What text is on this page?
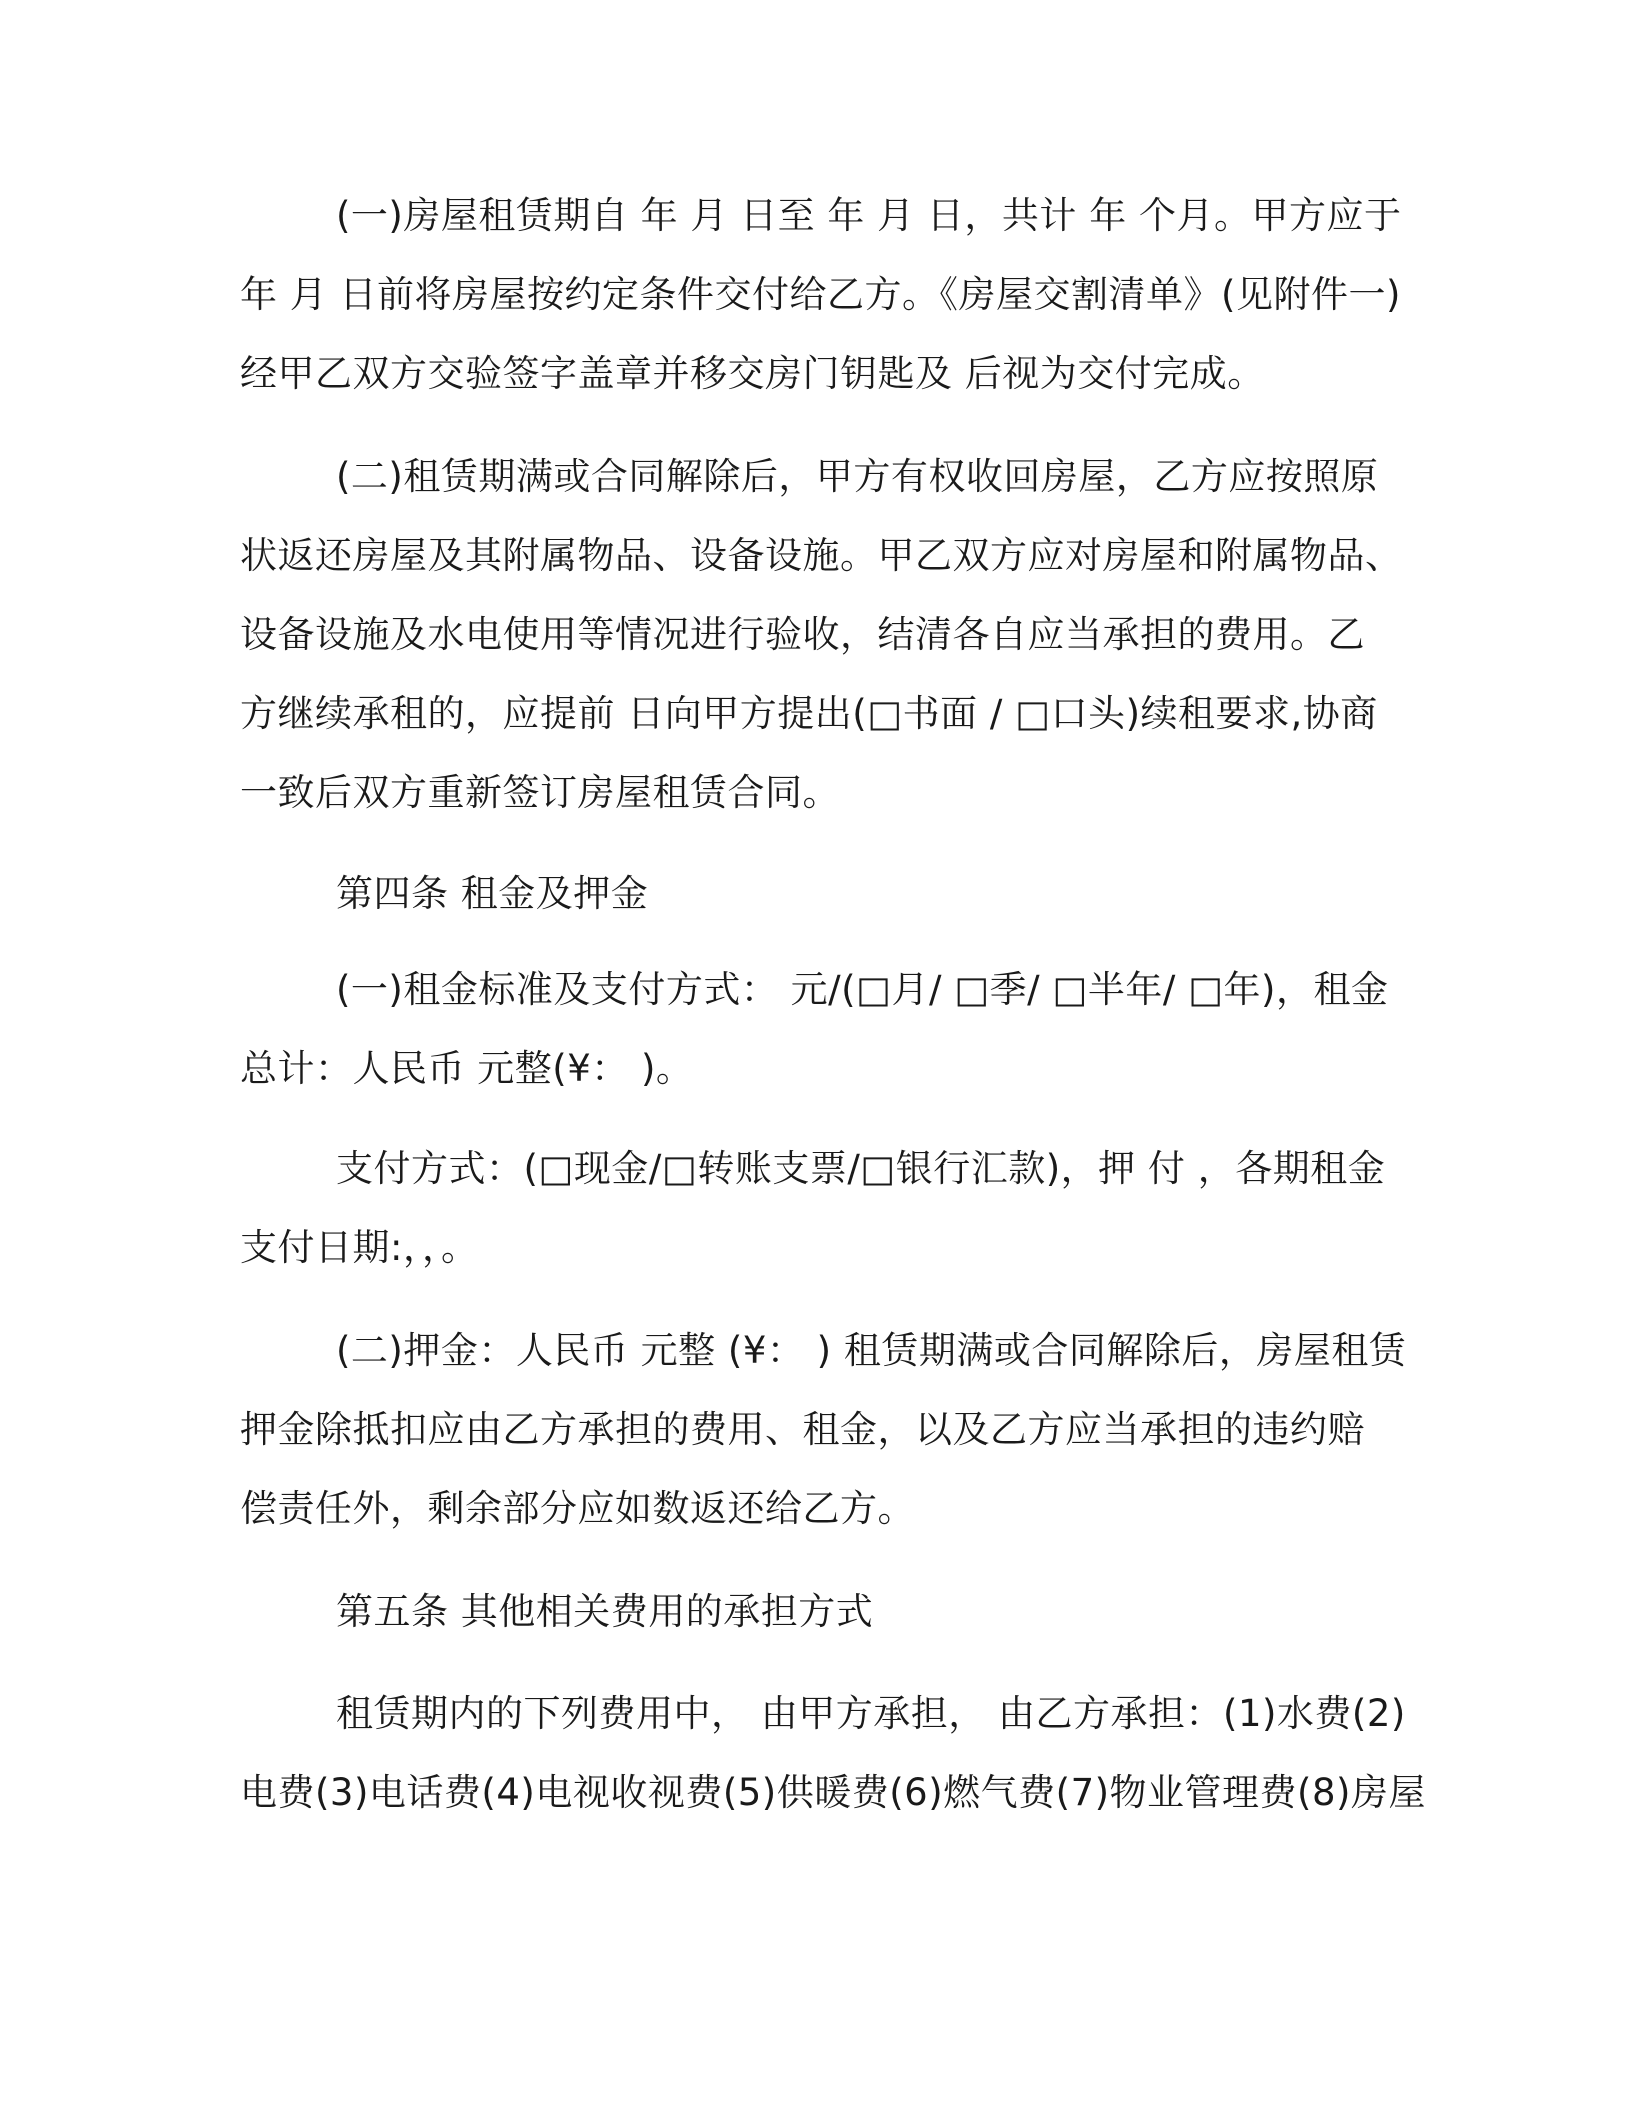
(一)房屋租赁期自 年 月 日至 年 月 日，共计 年 个月。甲方应于
年 月 日前将房屋按约定条件交付给乙方。《房屋交割清单》(见附件一)
经甲乙双方交验签字盖章并移交房门钥匙及 后视为交付完成。

(二)租赁期满或合同解除后，甲方有权收回房屋，乙方应按照原
状返还房屋及其附属物品、设备设施。甲乙双方应对房屋和附属物品、
设备设施及水电使用等情况进行验收，结清各自应当承担的费用。乙
方继续承租的，应提前 日向甲方提出(□书面 / □口头)续租要求,协商
一致后双方重新签订房屋租赁合同。

第四条 租金及押金

(一)租金标准及支付方式： 元/(□月/ □季/ □半年/ □年)，租金
总计：人民币 元整(¥： )。

支付方式：(□现金/□转账支票/□银行汇款)，押 付 ，各期租金
支付日期:，，。

(二)押金：人民币 元整 (¥： ) 租赁期满或合同解除后，房屋租赁
押金除抵扣应由乙方承担的费用、租金，以及乙方应当承担的违约赔
偿责任外，剩余部分应如数返还给乙方。

第五条 其他相关费用的承担方式

租赁期内的下列费用中， 由甲方承担， 由乙方承担：(1)水费(2)
电费(3)电话费(4)电视收视费(5)供暖费(6)燃气费(7)物业管理费(8)房屋
